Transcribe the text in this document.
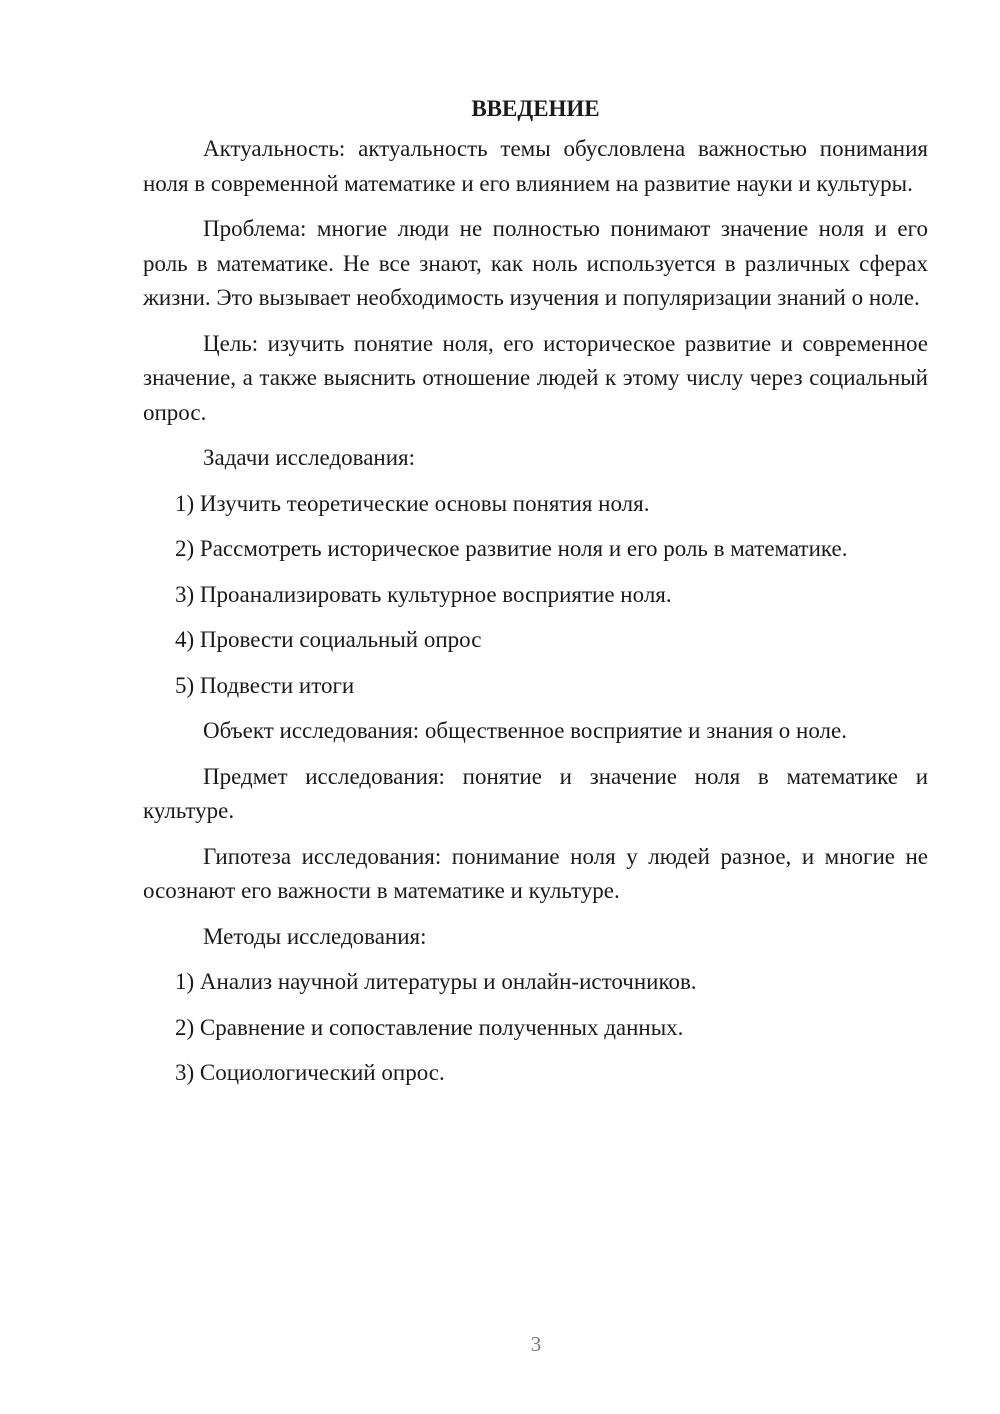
ВВЕДЕНИЕ

Актуальность: актуальность темы обусловлена важностью понимания ноля в современной математике и его влиянием на развитие науки и культуры.

Проблема: многие люди не полностью понимают значение ноля и его роль в математике. Не все знают, как ноль используется в различных сферах жизни. Это вызывает необходимость изучения и популяризации знаний о ноле.

Цель: изучить понятие ноля, его историческое развитие и современное значение, а также выяснить отношение людей к этому числу через социальный опрос.

Задачи исследования:

1) Изучить теоретические основы понятия ноля.
2) Рассмотреть историческое развитие ноля и его роль в математике.
3) Проанализировать культурное восприятие ноля.
4) Провести социальный опрос
5) Подвести итоги

Объект исследования: общественное восприятие и знания о ноле.

Предмет исследования: понятие и значение ноля в математике и культуре.

Гипотеза исследования: понимание ноля у людей разное, и многие не осознают его важности в математике и культуре.

Методы исследования:

1) Анализ научной литературы и онлайн-источников.
2) Сравнение и сопоставление полученных данных.
3) Социологический опрос.
3
